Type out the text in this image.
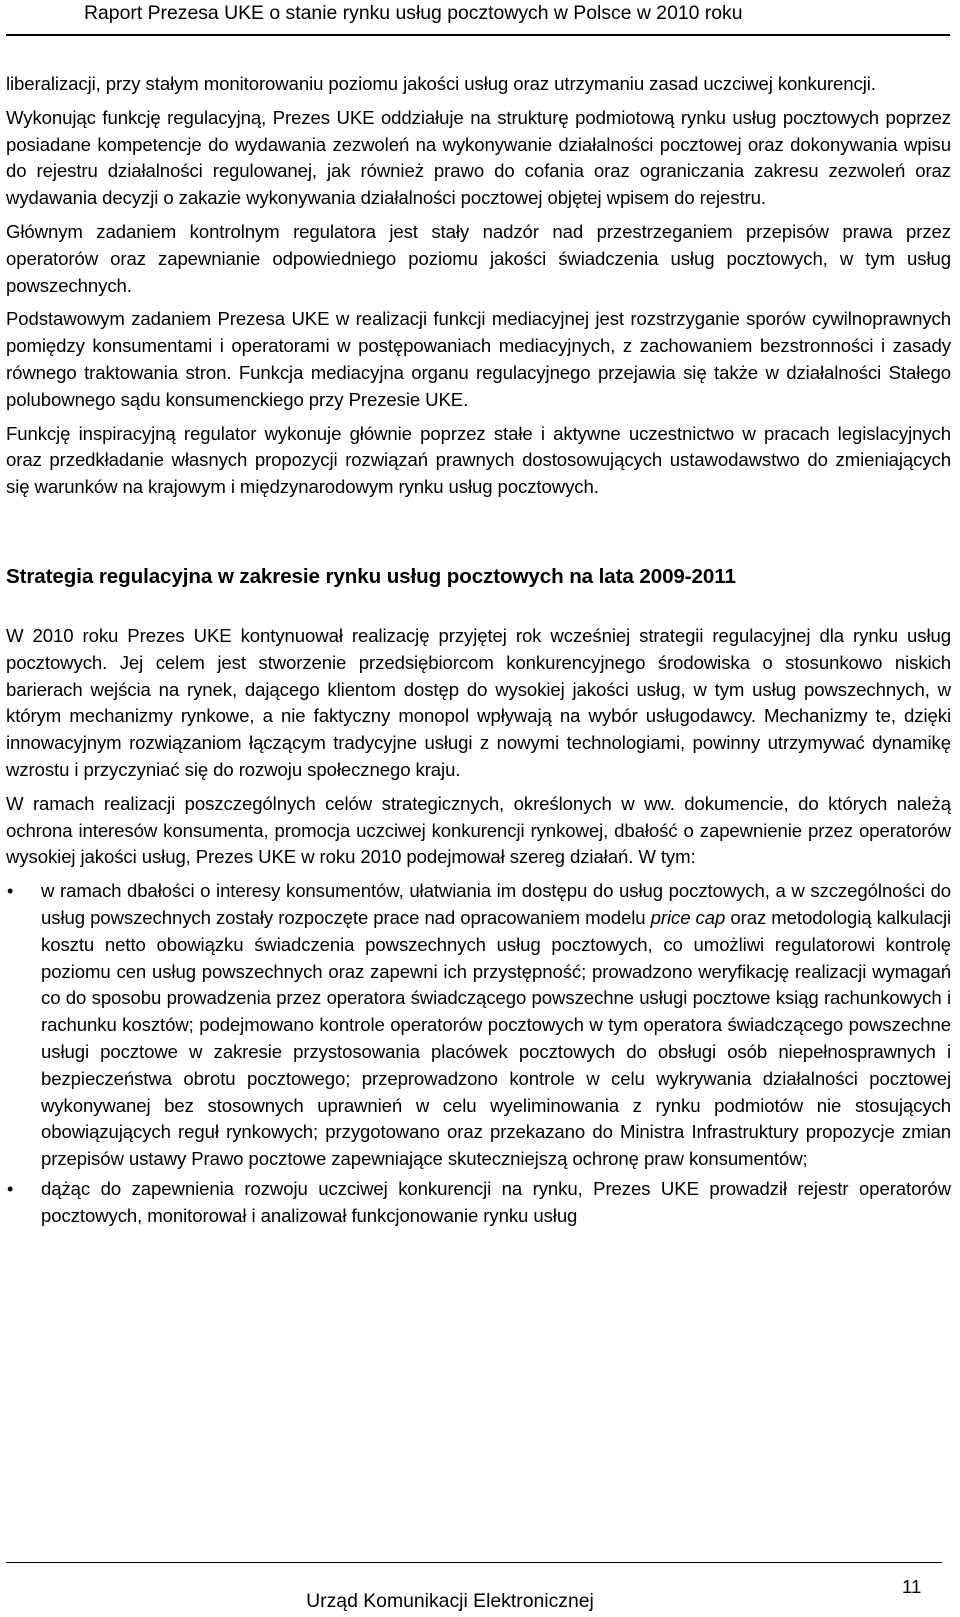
Raport Prezesa UKE o stanie rynku usług pocztowych w Polsce w 2010 roku

liberalizacji, przy stałym monitorowaniu poziomu jakości usług oraz utrzymaniu zasad uczciwej konkurencji.

Wykonując funkcję regulacyjną, Prezes UKE oddziałuje na strukturę podmiotową rynku usług pocztowych poprzez posiadane kompetencje do wydawania zezwoleń na wykonywanie działalności pocztowej oraz dokonywania wpisu do rejestru działalności regulowanej, jak również prawo do cofania oraz ograniczania zakresu zezwoleń oraz wydawania decyzji o zakazie wykonywania działalności pocztowej objętej wpisem do rejestru.

Głównym zadaniem kontrolnym regulatora jest stały nadzór nad przestrzeganiem przepisów prawa przez operatorów oraz zapewnianie odpowiedniego poziomu jakości świadczenia usług pocztowych, w tym usług powszechnych.

Podstawowym zadaniem Prezesa UKE w realizacji funkcji mediacyjnej jest rozstrzyganie sporów cywilnoprawnych pomiędzy konsumentami i operatorami w postępowaniach mediacyjnych, z zachowaniem bezstronności i zasady równego traktowania stron. Funkcja mediacyjna organu regulacyjnego przejawia się także w działalności Stałego polubownego sądu konsumenckiego przy Prezesie UKE.

Funkcję inspiracyjną regulator wykonuje głównie poprzez stałe i aktywne uczestnictwo w pracach legislacyjnych oraz przedkładanie własnych propozycji rozwiązań prawnych dostosowujących ustawodawstwo do zmieniających się warunków na krajowym i międzynarodowym rynku usług pocztowych.

Strategia regulacyjna w zakresie rynku usług pocztowych na lata 2009-2011

W 2010 roku Prezes UKE kontynuował realizację przyjętej rok wcześniej strategii regulacyjnej dla rynku usług pocztowych. Jej celem jest stworzenie przedsiębiorcom konkurencyjnego środowiska o stosunkowo niskich barierach wejścia na rynek, dającego klientom dostęp do wysokiej jakości usług, w tym usług powszechnych, w którym mechanizmy rynkowe, a nie faktyczny monopol wpływają na wybór usługodawcy. Mechanizmy te, dzięki innowacyjnym rozwiązaniom łączącym tradycyjne usługi z nowymi technologiami, powinny utrzymywać dynamikę wzrostu i przyczyniać się do rozwoju społecznego kraju.

W ramach realizacji poszczególnych celów strategicznych, określonych w ww. dokumencie, do których należą ochrona interesów konsumenta, promocja uczciwej konkurencji rynkowej, dbałość o zapewnienie przez operatorów wysokiej jakości usług, Prezes UKE w roku 2010 podejmował szereg działań. W tym:

• w ramach dbałości o interesy konsumentów, ułatwiania im dostępu do usług pocztowych, a w szczególności do usług powszechnych zostały rozpoczęte prace nad opracowaniem modelu price cap oraz metodologią kalkulacji kosztu netto obowiązku świadczenia powszechnych usług pocztowych, co umożliwi regulatorowi kontrolę poziomu cen usług powszechnych oraz zapewni ich przystępność; prowadzono weryfikację realizacji wymagań co do sposobu prowadzenia przez operatora świadczącego powszechne usługi pocztowe ksiąg rachunkowych i rachunku kosztów; podejmowano kontrole operatorów pocztowych w tym operatora świadczącego powszechne usługi pocztowe w zakresie przystosowania placówek pocztowych do obsługi osób niepełnosprawnych i bezpieczeństwa obrotu pocztowego; przeprowadzono kontrole w celu wykrywania działalności pocztowej wykonywanej bez stosownych uprawnień w celu wyeliminowania z rynku podmiotów nie stosujących obowiązujących reguł rynkowych; przygotowano oraz przekazano do Ministra Infrastruktury propozycje zmian przepisów ustawy Prawo pocztowe zapewniające skuteczniejszą ochronę praw konsumentów;
• dążąc do zapewnienia rozwoju uczciwej konkurencji na rynku, Prezes UKE prowadził rejestr operatorów pocztowych, monitorował i analizował funkcjonowanie rynku usług
Urząd Komunikacji Elektronicznej
11
